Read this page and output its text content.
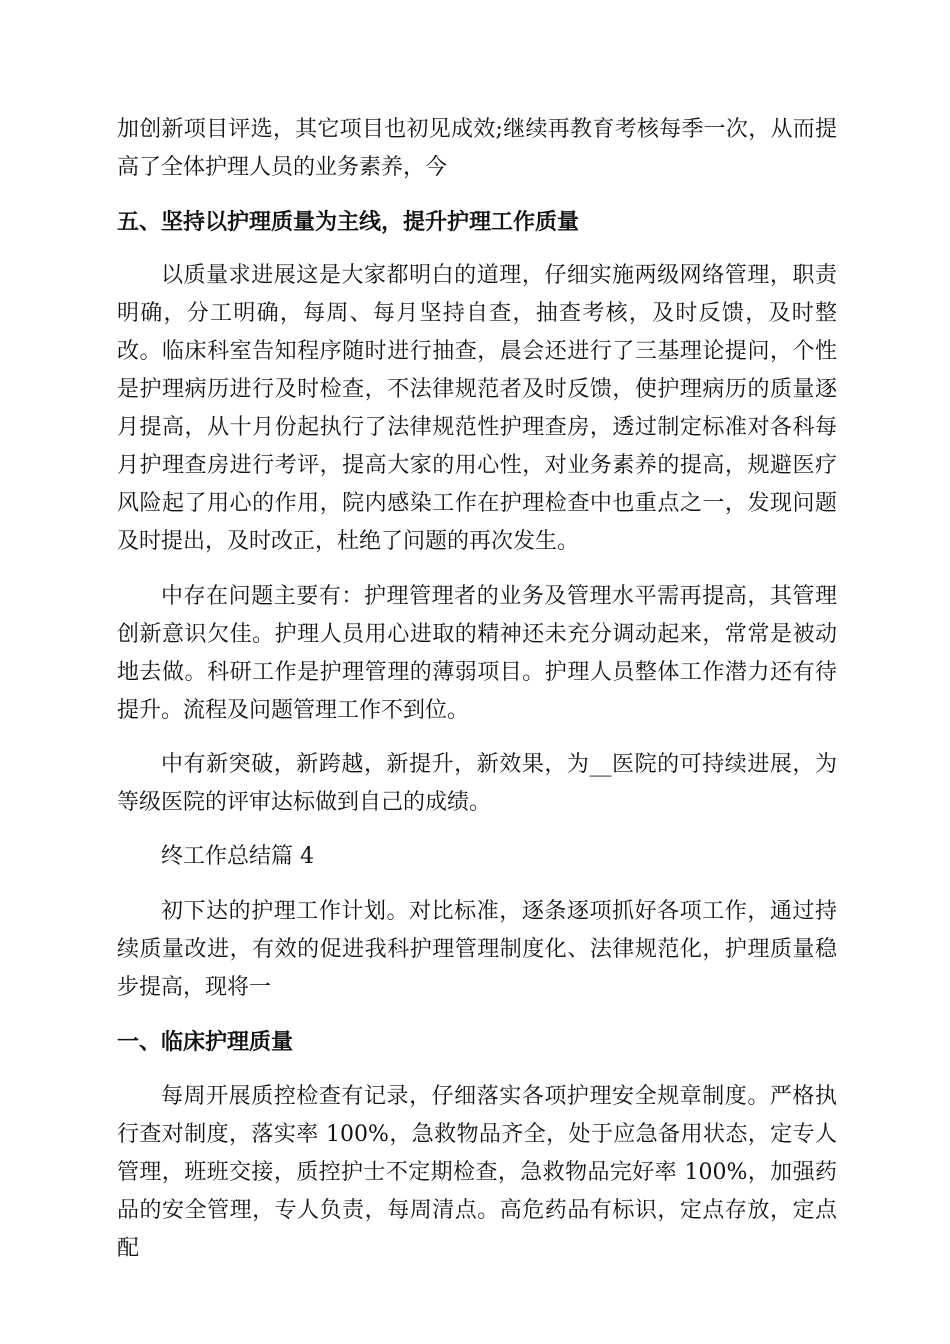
加创新项目评选，其它项目也初见成效;继续再教育考核每季一次，从而提高了全体护理人员的业务素养，今

五、坚持以护理质量为主线，提升护理工作质量

以质量求进展这是大家都明白的道理，仔细实施两级网络管理，职责明确，分工明确，每周、每月坚持自查，抽查考核，及时反馈，及时整改。临床科室告知程序随时进行抽查，晨会还进行了三基理论提问，个性是护理病历进行及时检查，不法律规范者及时反馈，使护理病历的质量逐月提高，从十月份起执行了法律规范性护理查房，透过制定标准对各科每月护理查房进行考评，提高大家的用心性，对业务素养的提高，规避医疗风险起了用心的作用，院内感染工作在护理检查中也重点之一，发现问题及时提出，及时改正，杜绝了问题的再次发生。

中存在问题主要有：护理管理者的业务及管理水平需再提高，其管理创新意识欠佳。护理人员用心进取的精神还未充分调动起来，常常是被动地去做。科研工作是护理管理的薄弱项目。护理人员整体工作潜力还有待提升。流程及问题管理工作不到位。

中有新突破，新跨越，新提升，新效果，为__医院的可持续进展，为等级医院的评审达标做到自己的成绩。

终工作总结篇 4

初下达的护理工作计划。对比标准，逐条逐项抓好各项工作，通过持续质量改进，有效的促进我科护理管理制度化、法律规范化，护理质量稳步提高，现将一

一、临床护理质量

每周开展质控检查有记录，仔细落实各项护理安全规章制度。严格执行查对制度，落实率 100%，急救物品齐全，处于应急备用状态，定专人管理，班班交接，质控护士不定期检查，急救物品完好率 100%，加强药品的安全管理，专人负责，每周清点。高危药品有标识，定点存放，定点配
